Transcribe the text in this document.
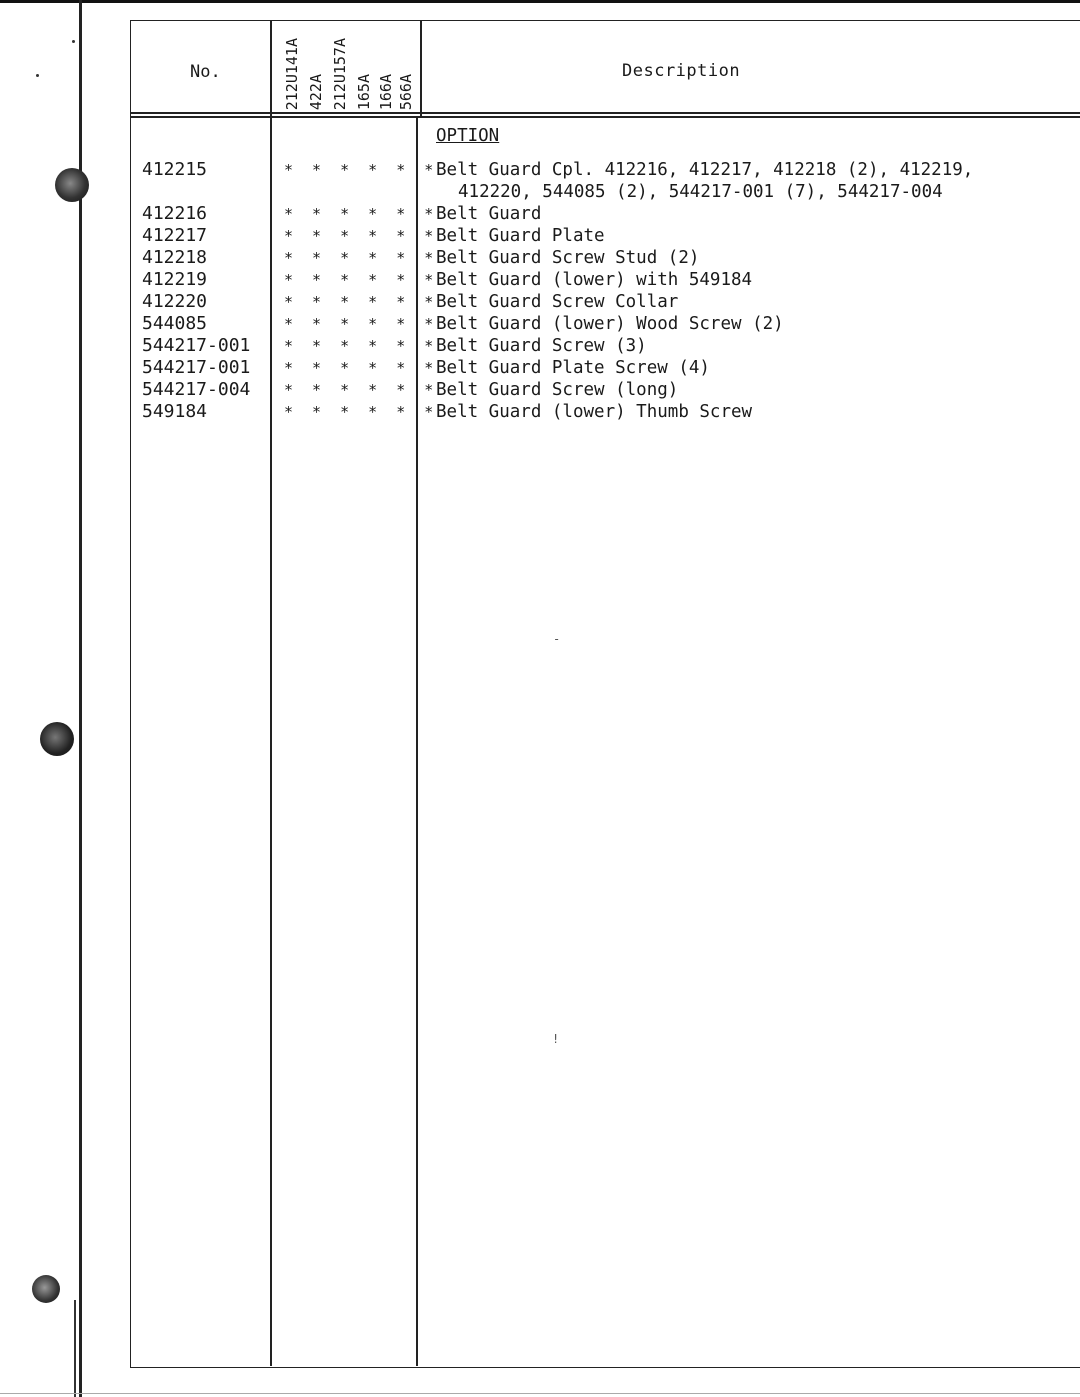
No.	Description
212U141A 422A 212U157A 165A 166A 566A
412215
412216
412217
412218
412219
412220
544085
544217-001
544217-001
544217-004
549184
* * * * * *
* * * * * *
* * * * * *
* * * * * *
* * * * * *
* * * * * *
* * * * * *
* * * * * *
* * * * * *
* * * * * *
* * * * * *
OPTION
Belt Guard Cpl. 412216, 412217, 412218 (2), 412219,
412220, 544085 (2), 544217-001 (7), 544217-004
Belt Guard
Belt Guard Plate
Belt Guard Screw Stud (2)
Belt Guard (lower) with 549184
Belt Guard Screw Collar
Belt Guard (lower) Wood Screw (2)
Belt Guard Screw (3)
Belt Guard Plate Screw (4)
Belt Guard Screw (long)
Belt Guard (lower) Thumb Screw
-
!
